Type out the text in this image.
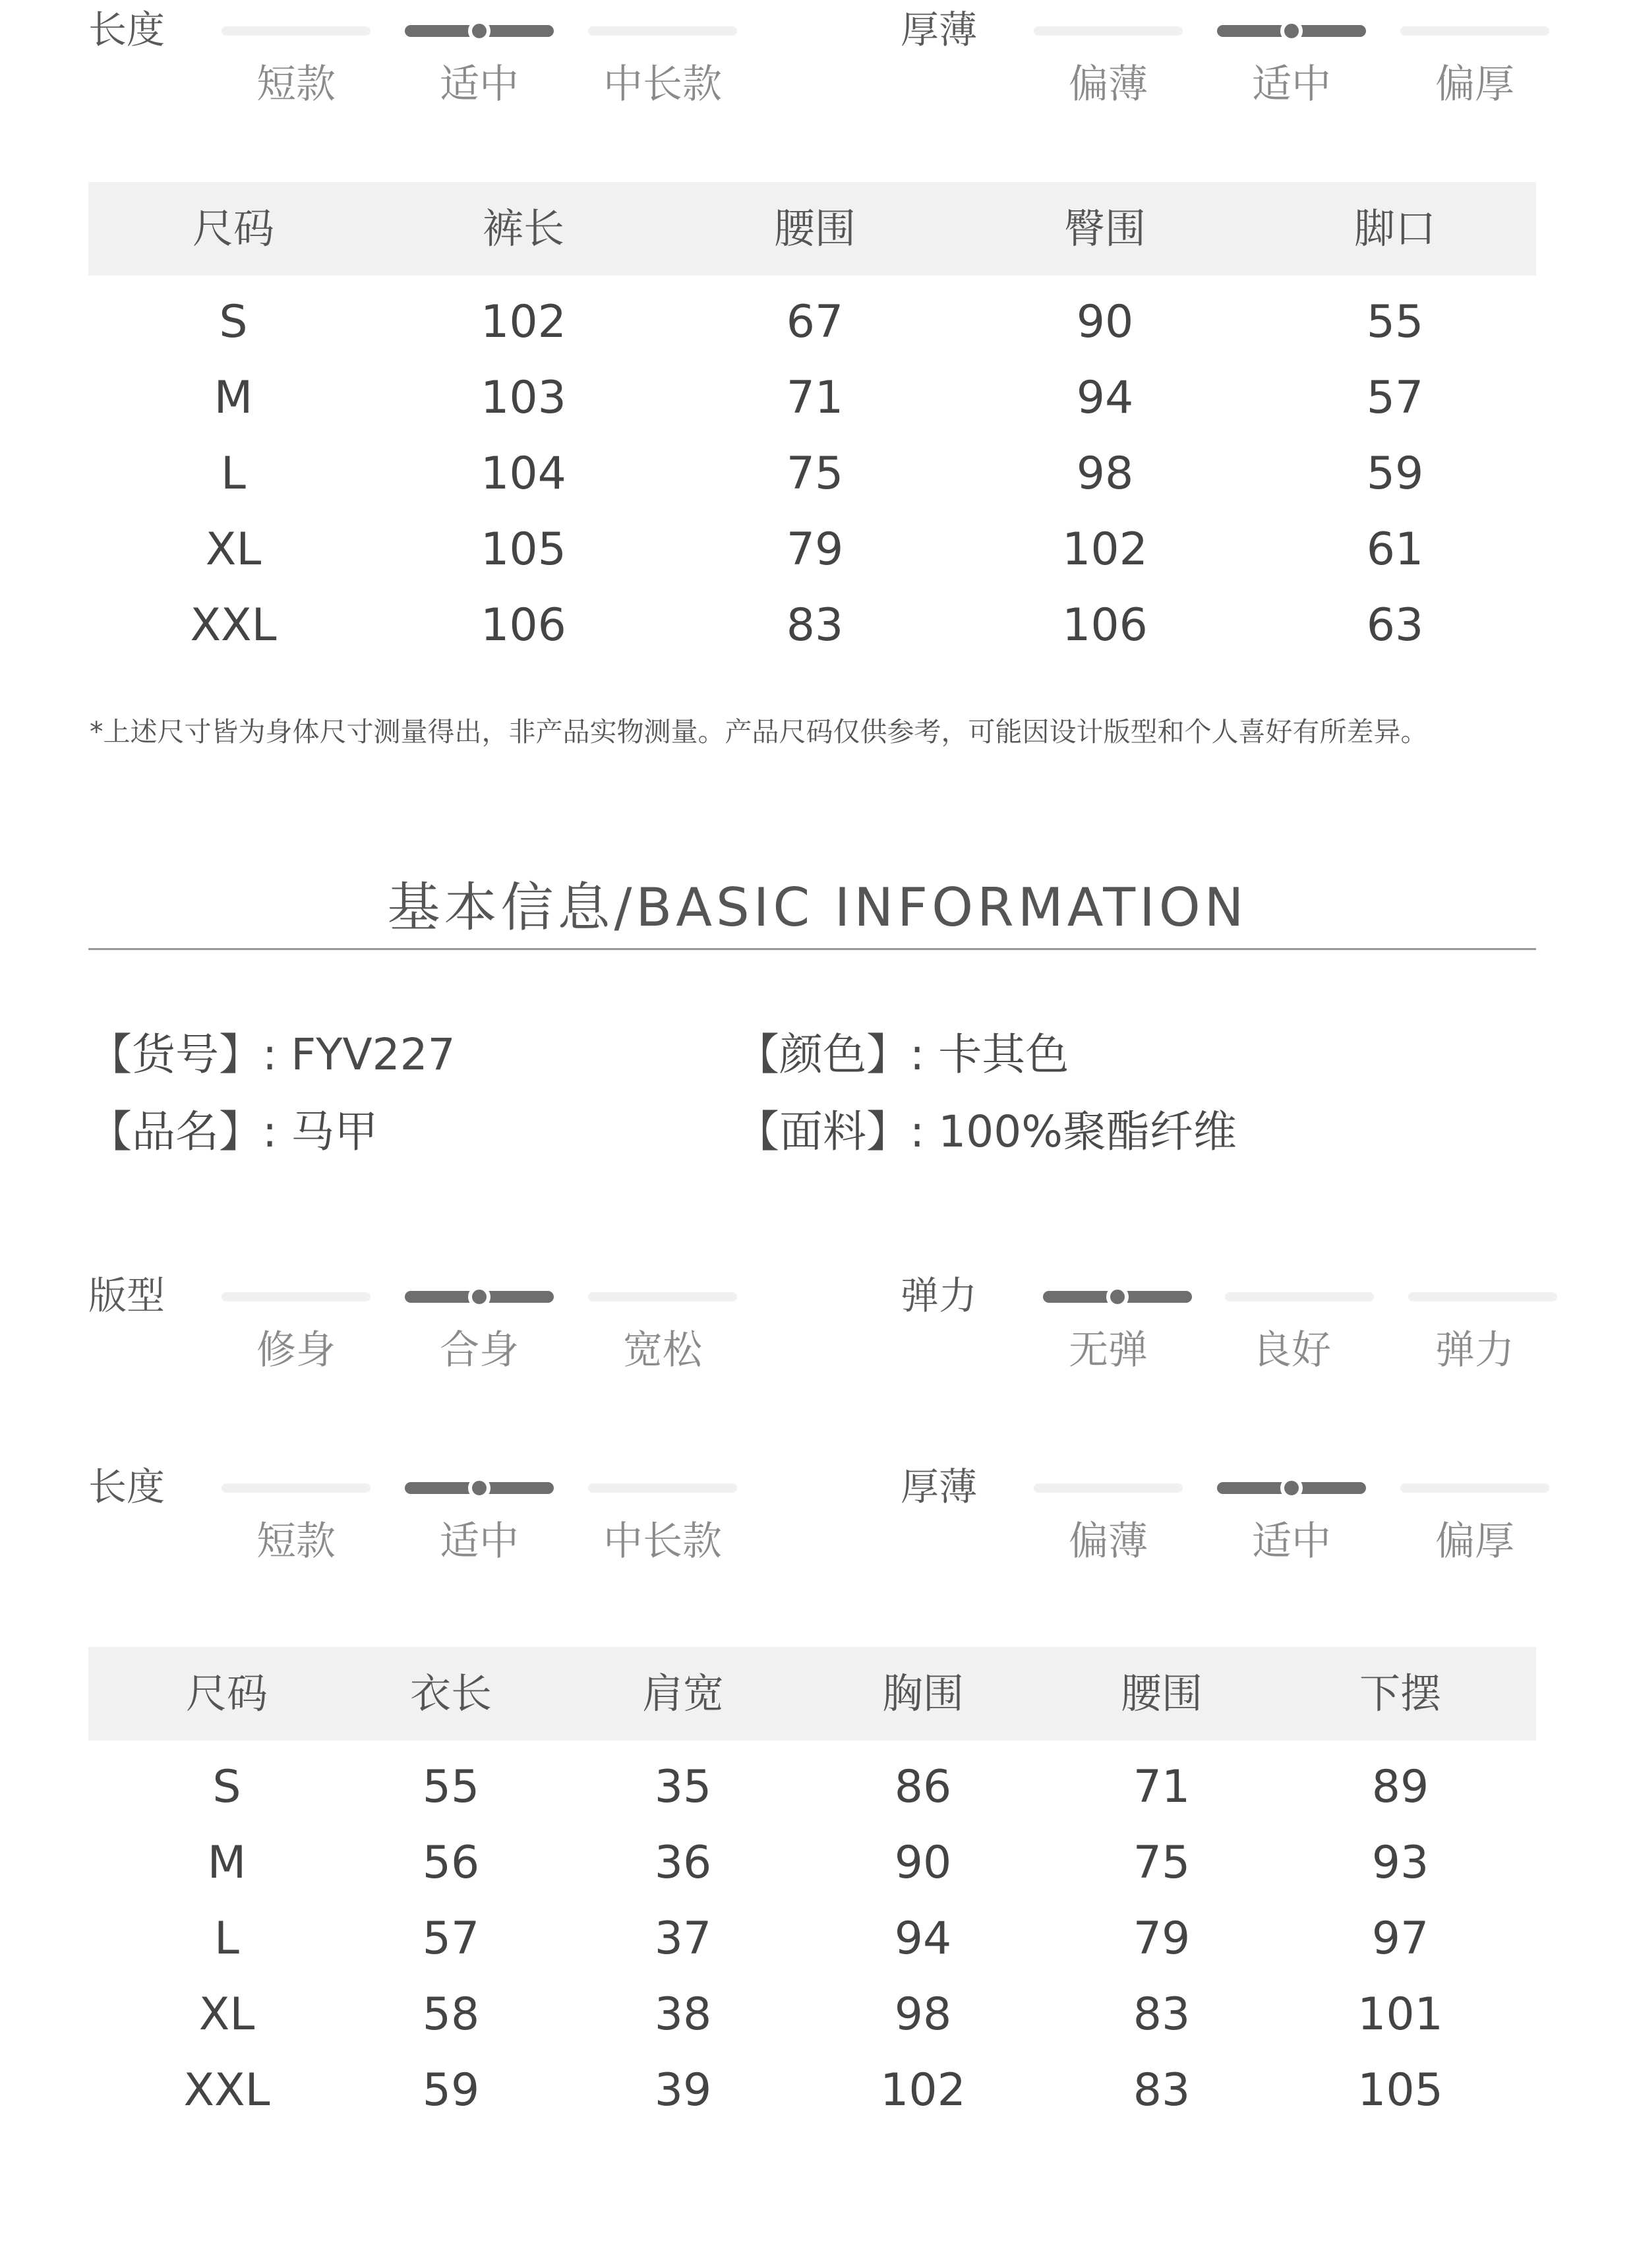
长度
短款	适中	中长款
厚薄
偏薄	适中	偏厚
尺码	裤长	腰围	臀围	脚口
S	102	67	90	55
M	103	71	94	57
L	104	75	98	59
XL	105	79	102	61
XXL	106	83	106	63
*上述尺寸皆为身体尺寸测量得出，非产品实物测量。产品尺码仅供参考，可能因设计版型和个人喜好有所差异。
基本信息/BASIC INFORMATION
【货号】: FYV227	【颜色】: 卡其色
【品名】: 马甲	【面料】: 100%聚酯纤维
版型
修身	合身	宽松
弹力
无弹	良好	弹力
长度
短款	适中	中长款
厚薄
偏薄	适中	偏厚
尺码	衣长	肩宽	胸围	腰围	下摆
S	55	35	86	71	89
M	56	36	90	75	93
L	57	37	94	79	97
XL	58	38	98	83	101
XXL	59	39	102	83	105
